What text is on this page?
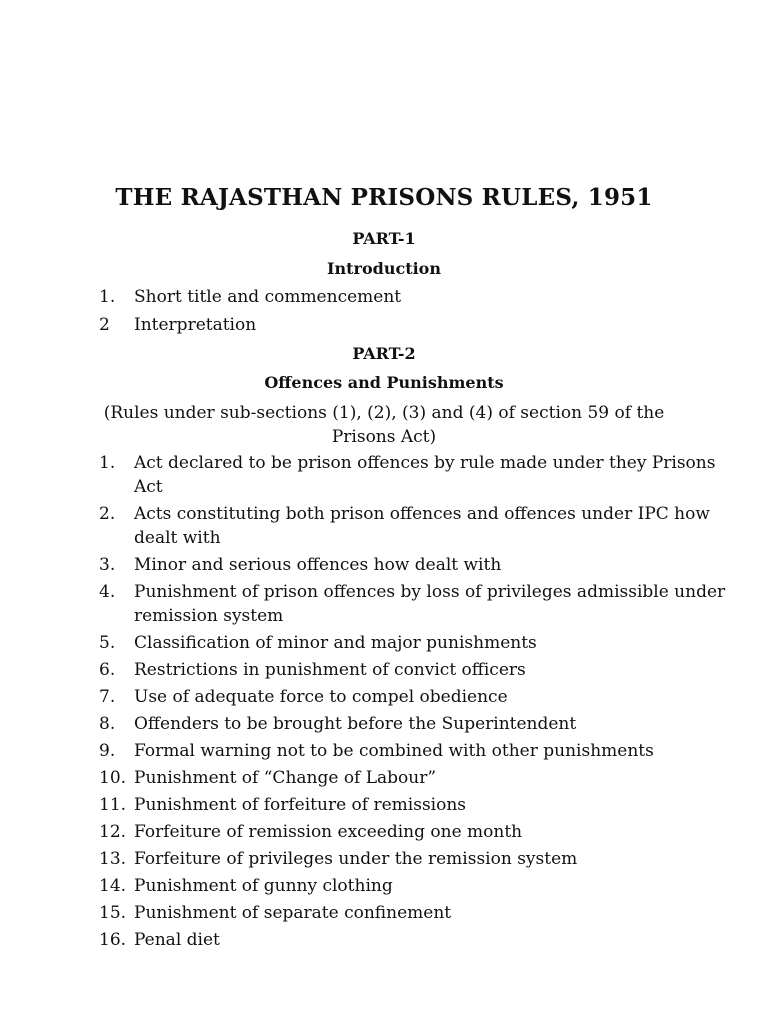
THE RAJASTHAN PRISONS RULES, 1951
PART-1
Introduction
1. Short title and commencement
2 Interpretation
PART-2
Offences and Punishments
(Rules under sub-sections (1), (2), (3) and (4) of section 59 of the Prisons Act)
1. Act declared to be prison offences by rule made under they Prisons Act
2. Acts constituting both prison offences and offences under IPC how dealt with
3. Minor and serious offences how dealt with
4. Punishment of prison offences by loss of privileges admissible under remission system
5. Classification of minor and major punishments
6. Restrictions in punishment of convict officers
7. Use of adequate force to compel obedience
8. Offenders to be brought before the Superintendent
9. Formal warning not to be combined with other punishments
10. Punishment of “Change of Labour”
11. Punishment of forfeiture of remissions
12. Forfeiture of remission exceeding one month
13. Forfeiture of privileges under the remission system
14. Punishment of gunny clothing
15. Punishment of separate confinement
16. Penal diet
